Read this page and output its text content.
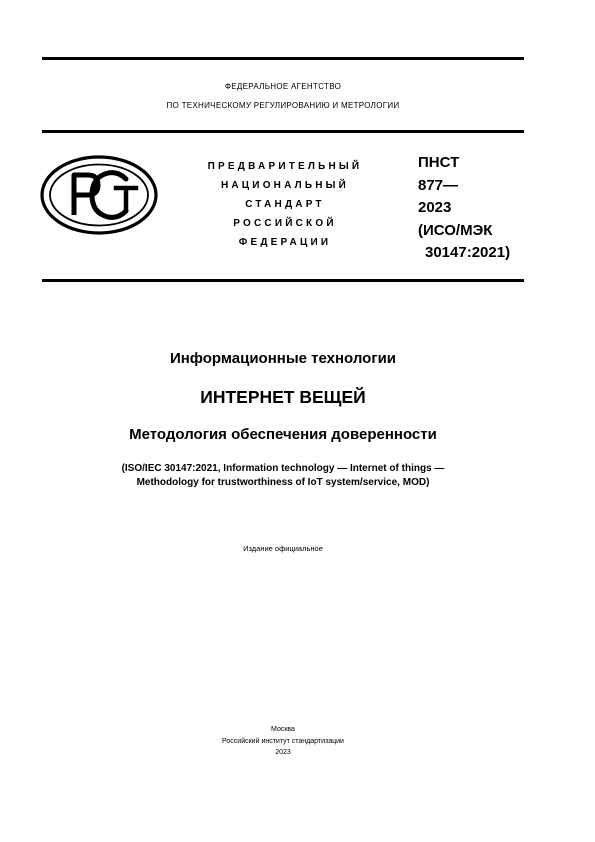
ФЕДЕРАЛЬНОЕ АГЕНТСТВО
ПО ТЕХНИЧЕСКОМУ РЕГУЛИРОВАНИЮ И МЕТРОЛОГИИ
ПРЕДВАРИТЕЛЬНЫЙ
НАЦИОНАЛЬНЫЙ
СТАНДАРТ
РОССИЙСКОЙ
ФЕДЕРАЦИИ
ПНСТ
877—
2023
(ИСО/МЭК
30147:2021)
Информационные технологии
ИНТЕРНЕТ ВЕЩЕЙ
Методология обеспечения доверенности
(ISO/IEC 30147:2021, Information technology — Internet of things —
Methodology for trustworthiness of IoT system/service, MOD)
Издание официальное
Москва
Российский институт стандартизации
2023
